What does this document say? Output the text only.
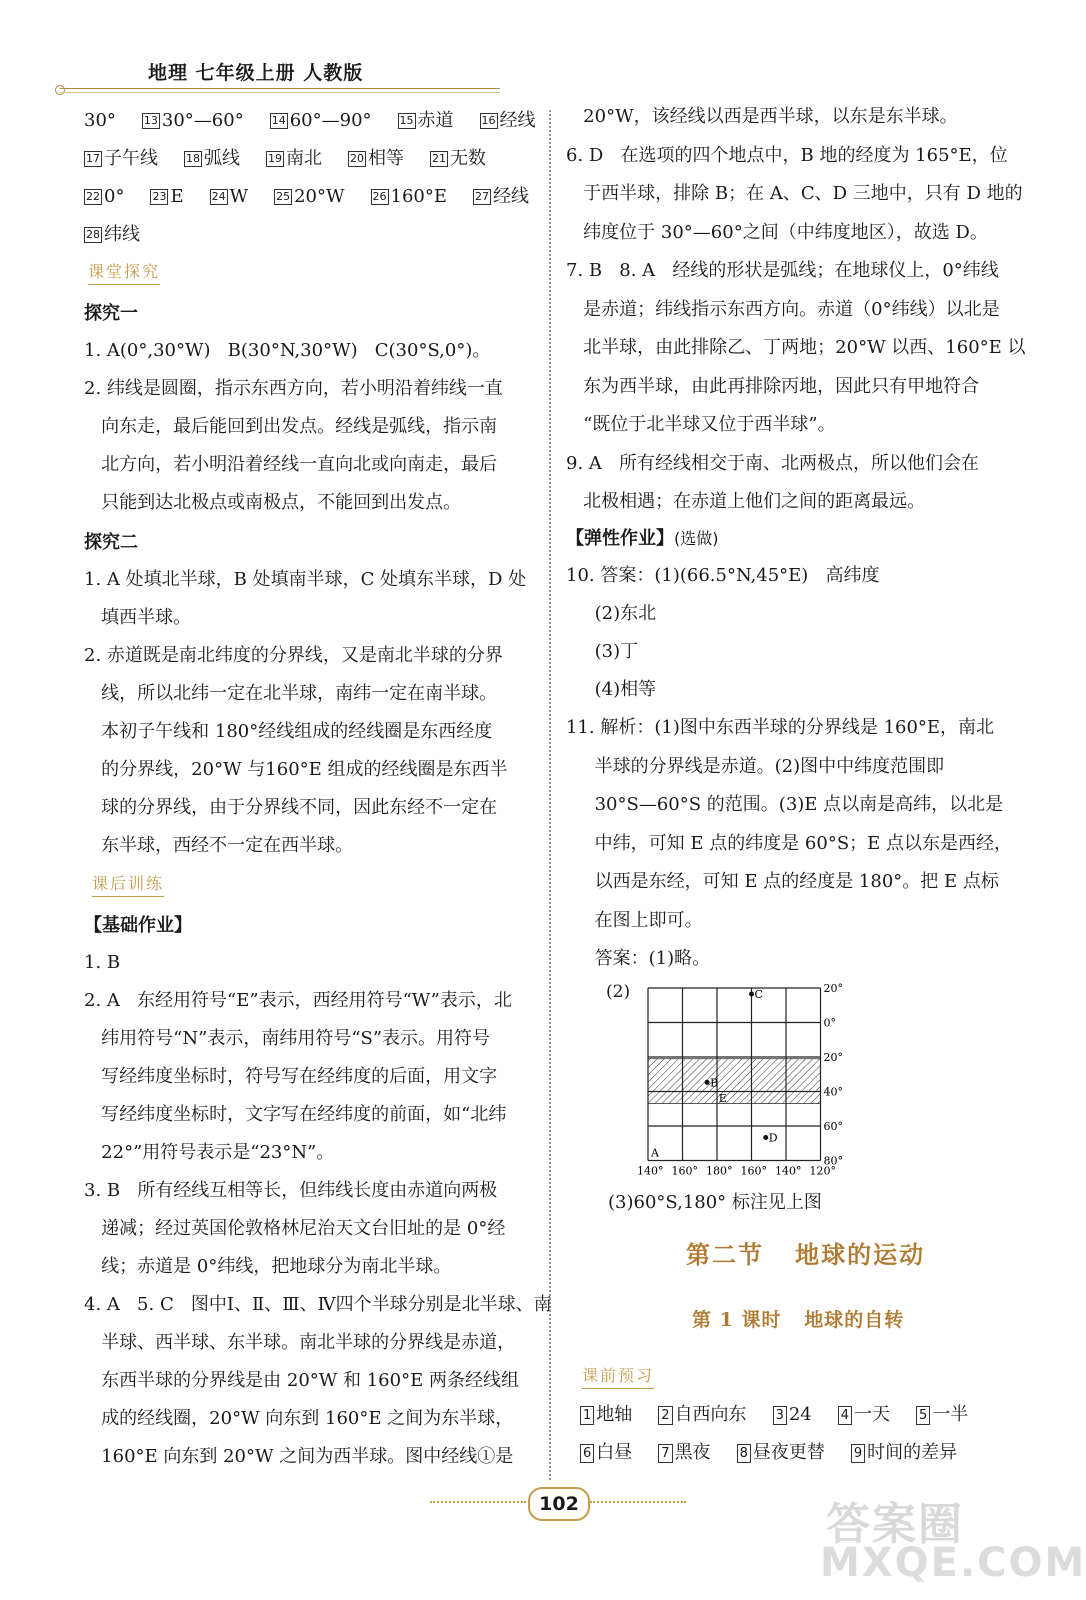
地理 七年级上册 人教版
30°	13 30°—60°	14 60°—90°	15 赤道	16 经线
17 子午线	18 弧线	19 南北	20 相等	21 无数
22 0°	23 E	24 W	25 20°W	26 160°E	27 经线
28 纬线
课堂探究
探究一
1. A(0°,30°W)   B(30°N,30°W)   C(30°S,0°)。
2. 纬线是圆圈，指示东西方向，若小明沿着纬线一直
向东走，最后能回到出发点。经线是弧线，指示南
北方向，若小明沿着经线一直向北或向南走，最后
只能到达北极点或南极点，不能回到出发点。
探究二
1. A 处填北半球，B 处填南半球，C 处填东半球，D 处
填西半球。
2. 赤道既是南北纬度的分界线，又是南北半球的分界
线，所以北纬一定在北半球，南纬一定在南半球。
本初子午线和 180°经线组成的经线圈是东西经度
的分界线，20°W 与160°E 组成的经线圈是东西半
球的分界线，由于分界线不同，因此东经不一定在
东半球，西经不一定在西半球。
课后训练
【基础作业】
1. B
2. A   东经用符号“E”表示，西经用符号“W”表示，北
纬用符号“N”表示，南纬用符号“S”表示。用符号
写经纬度坐标时，符号写在经纬度的后面，用文字
写经纬度坐标时，文字写在经纬度的前面，如“北纬
22°”用符号表示是“23°N”。
3. B   所有经线互相等长，但纬线长度由赤道向两极
递减；经过英国伦敦格林尼治天文台旧址的是 0°经
线；赤道是 0°纬线，把地球分为南北半球。
4. A   5. C   图中Ⅰ、Ⅱ、Ⅲ、Ⅳ四个半球分别是北半球、南
半球、西半球、东半球。南北半球的分界线是赤道，
东西半球的分界线是由 20°W 和 160°E 两条经线组
成的经线圈，20°W 向东到 160°E 之间为东半球，
160°E 向东到 20°W 之间为西半球。图中经线①是
20°W，该经线以西是西半球，以东是东半球。
6. D   在选项的四个地点中，B 地的经度为 165°E，位
于西半球，排除 B；在 A、C、D 三地中，只有 D 地的
纬度位于 30°—60°之间（中纬度地区），故选 D。
7. B   8. A   经线的形状是弧线；在地球仪上，0°纬线
是赤道；纬线指示东西方向。赤道（0°纬线）以北是
北半球，由此排除乙、丁两地；20°W 以西、160°E 以
东为西半球，由此再排除丙地，因此只有甲地符合
“既位于北半球又位于西半球”。
9. A   所有经线相交于南、北两极点，所以他们会在
北极相遇；在赤道上他们之间的距离最远。
【弹性作业】(选做)
10. 答案：(1)(66.5°N,45°E)   高纬度
(2)东北
(3)丁
(4)相等
11. 解析：(1)图中东西半球的分界线是 160°E，南北
半球的分界线是赤道。(2)图中中纬度范围即
30°S—60°S 的范围。(3)E 点以南是高纬，以北是
中纬，可知 E 点的纬度是 60°S；E 点以东是西经，
以西是东经，可知 E 点的经度是 180°。把 E 点标
在图上即可。
答案：(1)略。
(2)	20°
0°
20°
40°
60°
80°
140° 160° 180° 160° 140° 120°
A
B
C
D
E
(3)60°S,180° 标注见上图
第二节   地球的运动
第 1 课时   地球的自转
课前预习
1 地轴 2 自西向东 3 24 4 一天 5 一半
6 白昼 7 黑夜 8 昼夜更替 9 时间的差异
102	答案圈
MXQE.COM
